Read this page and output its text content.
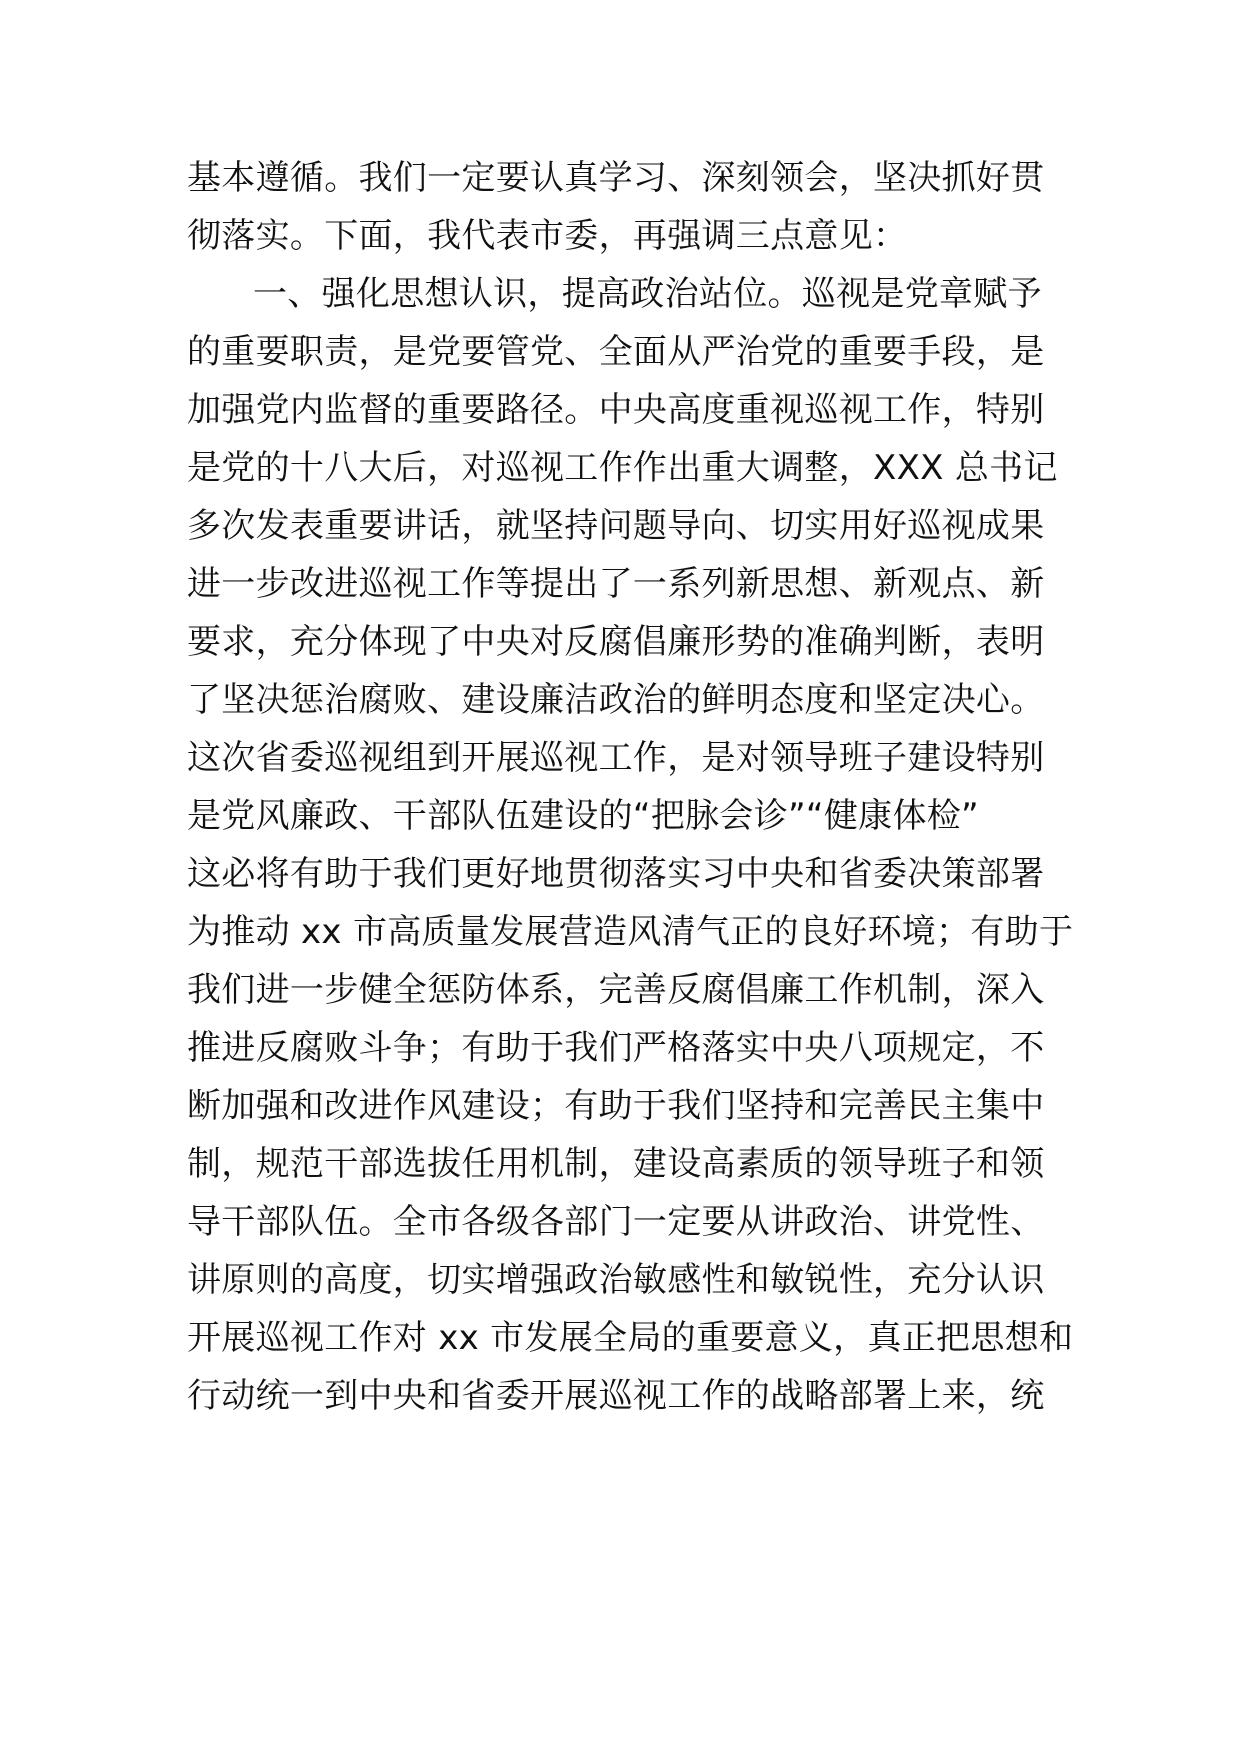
基本遵循。我们一定要认真学习、深刻领会，坚决抓好贯
彻落实。下面，我代表市委，再强调三点意见：
一、强化思想认识，提高政治站位。巡视是党章赋予
的重要职责，是党要管党、全面从严治党的重要手段，是
加强党内监督的重要路径。中央高度重视巡视工作，特别
是党的十八大后，对巡视工作作出重大调整，XXX 总书记
多次发表重要讲话，就坚持问题导向、切实用好巡视成果
进一步改进巡视工作等提出了一系列新思想、新观点、新
要求，充分体现了中央对反腐倡廉形势的准确判断，表明
了坚决惩治腐败、建设廉洁政治的鲜明态度和坚定决心。
这次省委巡视组到开展巡视工作，是对领导班子建设特别
是党风廉政、干部队伍建设的“把脉会诊”“健康体检”
这必将有助于我们更好地贯彻落实习中央和省委决策部署
为推动 xx 市高质量发展营造风清气正的良好环境；有助于
我们进一步健全惩防体系，完善反腐倡廉工作机制，深入
推进反腐败斗争；有助于我们严格落实中央八项规定，不
断加强和改进作风建设；有助于我们坚持和完善民主集中
制，规范干部选拔任用机制，建设高素质的领导班子和领
导干部队伍。全市各级各部门一定要从讲政治、讲党性、
讲原则的高度，切实增强政治敏感性和敏锐性，充分认识
开展巡视工作对 xx 市发展全局的重要意义，真正把思想和
行动统一到中央和省委开展巡视工作的战略部署上来，统
